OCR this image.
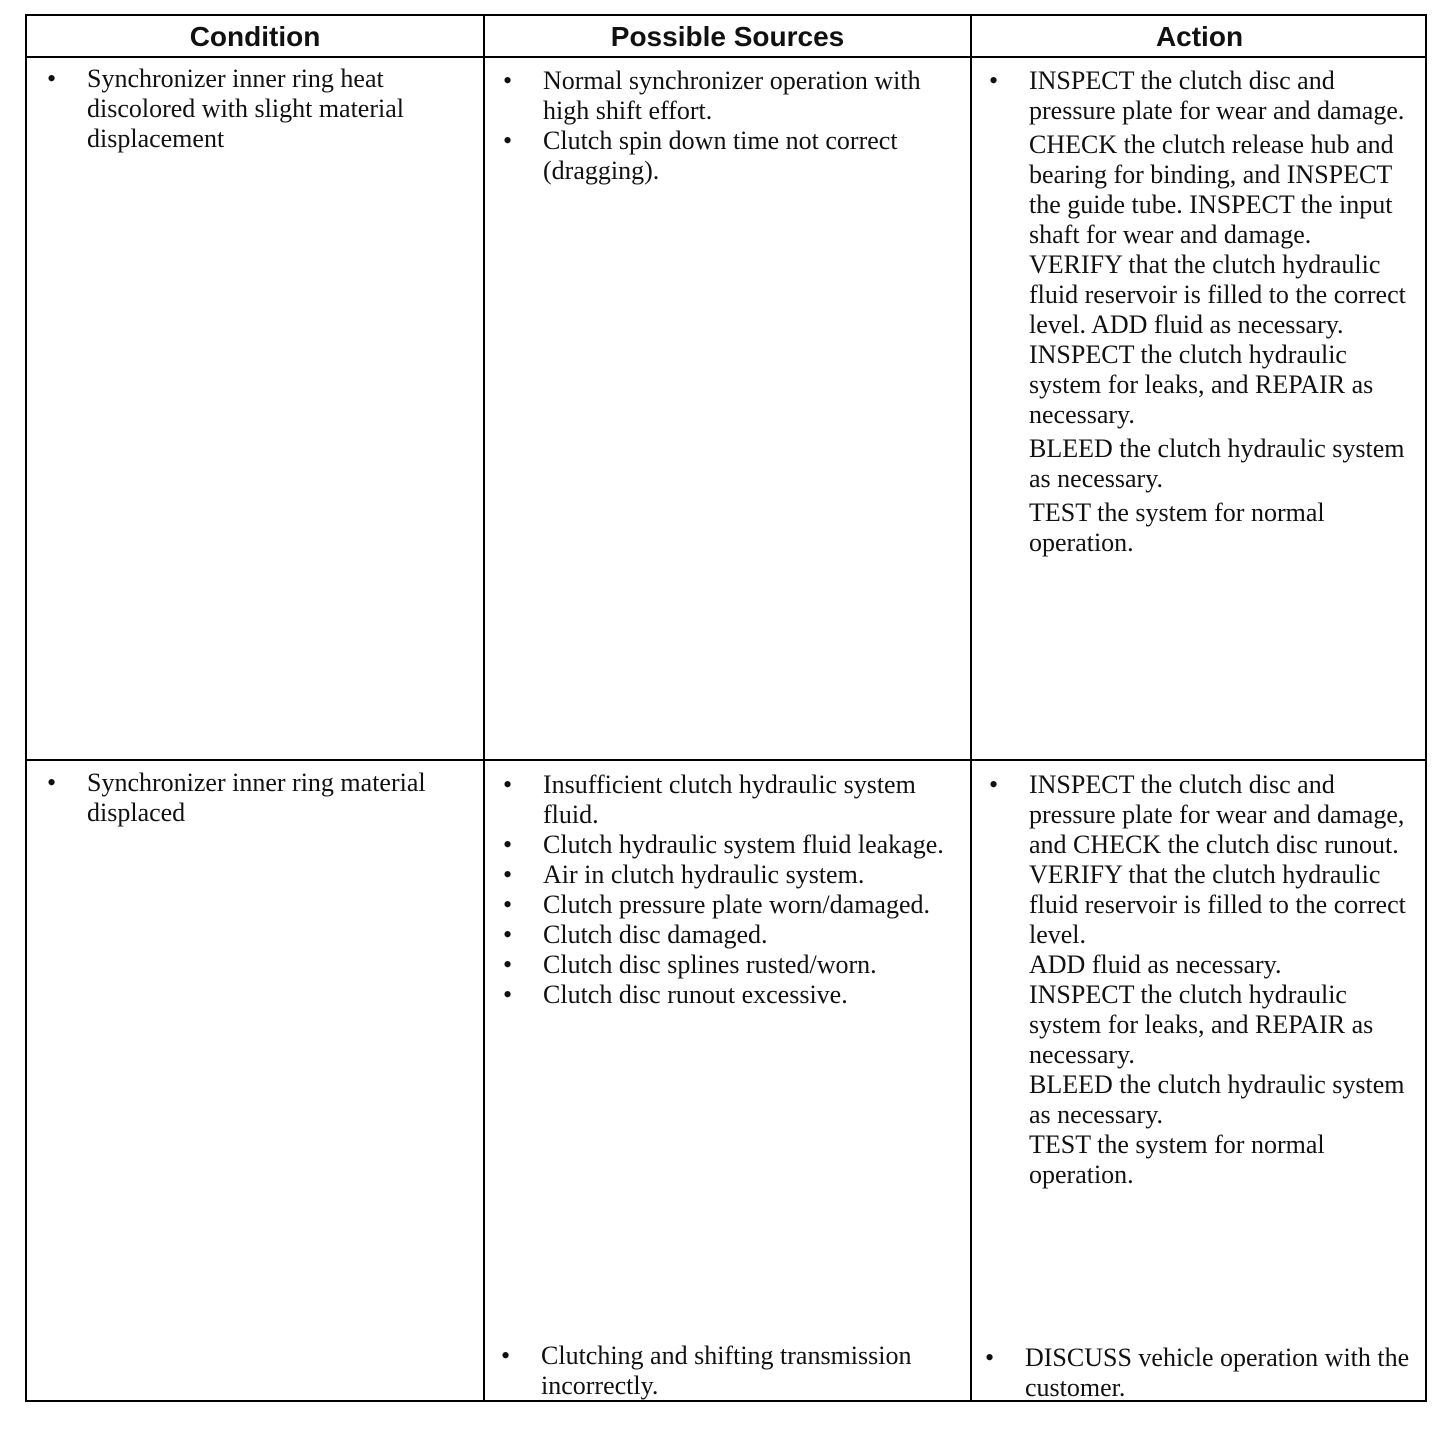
Condition	Possible Sources	Action
• Synchronizer inner ring heat discolored with slight material displacement
• Normal synchronizer operation with high shift effort.
• Clutch spin down time not correct (dragging).
• INSPECT the clutch disc and pressure plate for wear and damage.

CHECK the clutch release hub and bearing for binding, and INSPECT the guide tube. INSPECT the input shaft for wear and damage.

VERIFY that the clutch hydraulic fluid reservoir is filled to the correct level. ADD fluid as necessary. INSPECT the clutch hydraulic system for leaks, and REPAIR as necessary.

BLEED the clutch hydraulic system as necessary.

TEST the system for normal operation.

• Synchronizer inner ring material displaced
• Insufficient clutch hydraulic system fluid.
• Clutch hydraulic system fluid leakage.
• Air in clutch hydraulic system.
• Clutch pressure plate worn/damaged.
• Clutch disc damaged.
• Clutch disc splines rusted/worn.
• Clutch disc runout excessive.
• INSPECT the clutch disc and pressure plate for wear and damage, and CHECK the clutch disc runout.

VERIFY that the clutch hydraulic fluid reservoir is filled to the correct level.

ADD fluid as necessary.

INSPECT the clutch hydraulic system for leaks, and REPAIR as necessary.

BLEED the clutch hydraulic system as necessary.

TEST the system for normal operation.

• Clutching and shifting transmission incorrectly.
• DISCUSS vehicle operation with the customer.
